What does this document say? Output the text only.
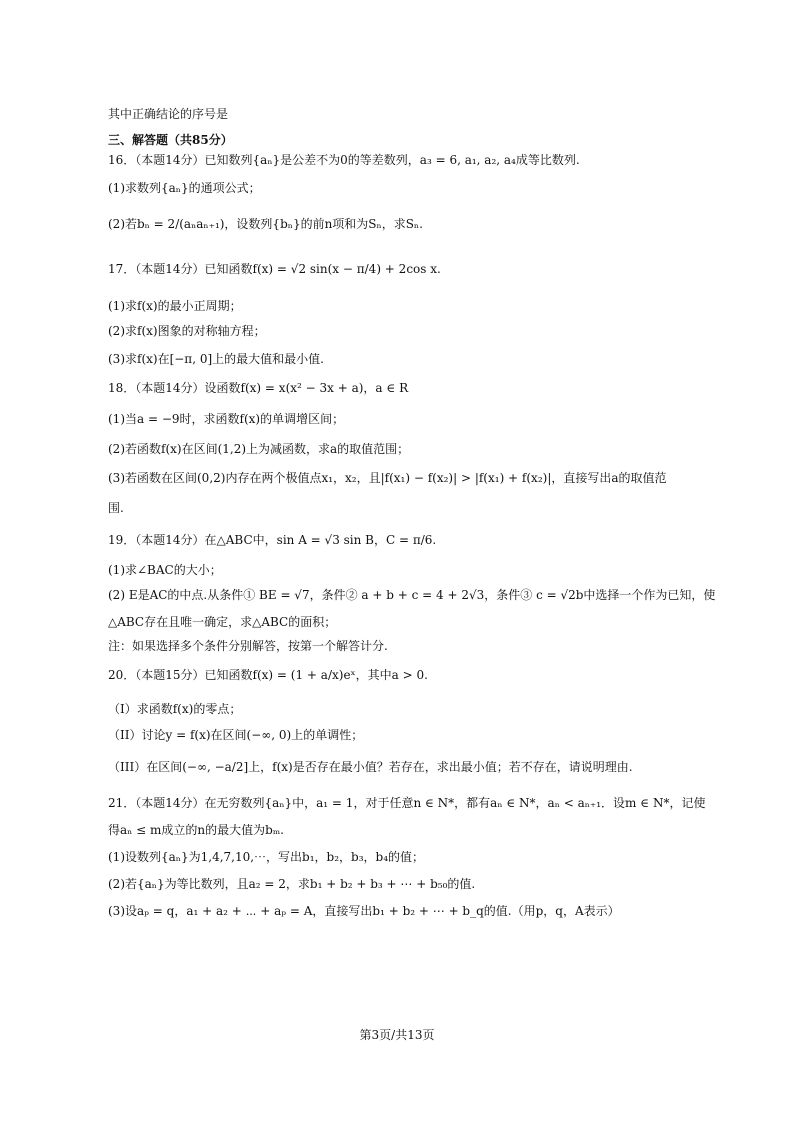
其中正确结论的序号是
三、解答题（共85分）
16．（本题14分）已知数列{aₙ}是公差不为0的等差数列，a₃ = 6, a₁, a₂, a₄成等比数列.
(1)求数列{aₙ}的通项公式；
(2)若bₙ = 2/(aₙaₙ₊₁)，设数列{bₙ}的前n项和为Sₙ，求Sₙ.
17．（本题14分）已知函数f(x) = √2 sin(x − π/4) + 2cos x.
(1)求f(x)的最小正周期；
(2)求f(x)图象的对称轴方程；
(3)求f(x)在[−π, 0]上的最大值和最小值.
18．（本题14分）设函数f(x) = x(x² − 3x + a)，a ∈ R
(1)当a = −9时，求函数f(x)的单调增区间；
(2)若函数f(x)在区间(1,2)上为减函数，求a的取值范围；
(3)若函数在区间(0,2)内存在两个极值点x₁，x₂，且|f(x₁) − f(x₂)| > |f(x₁) + f(x₂)|，直接写出a的取值范
围.
19．（本题14分）在△ABC中，sin A = √3 sin B，C = π/6.
(1)求∠BAC的大小；
(2) E是AC的中点.从条件① BE = √7，条件② a + b + c = 4 + 2√3，条件③ c = √2b中选择一个作为已知，使
△ABC存在且唯一确定，求△ABC的面积；
注：如果选择多个条件分别解答，按第一个解答计分.
20．（本题15分）已知函数f(x) = (1 + a/x)eˣ，其中a > 0.
（I）求函数f(x)的零点；
（II）讨论y = f(x)在区间(−∞, 0)上的单调性；
（III）在区间(−∞, −a/2]上，f(x)是否存在最小值？若存在，求出最小值；若不存在，请说明理由.
21．（本题14分）在无穷数列{aₙ}中，a₁ = 1，对于任意n ∈ N*，都有aₙ ∈ N*，aₙ < aₙ₊₁．设m ∈ N*，记使
得aₙ ≤ m成立的n的最大值为bₘ.
(1)设数列{aₙ}为1,4,7,10,⋯，写出b₁，b₂，b₃，b₄的值；
(2)若{aₙ}为等比数列，且a₂ = 2，求b₁ + b₂ + b₃ + ⋯ + b₅₀的值.
(3)设aₚ = q，a₁ + a₂ + ⋯ + aₚ = A，直接写出b₁ + b₂ + ⋯ + b_q的值.（用p，q，A表示）
第3页/共13页
